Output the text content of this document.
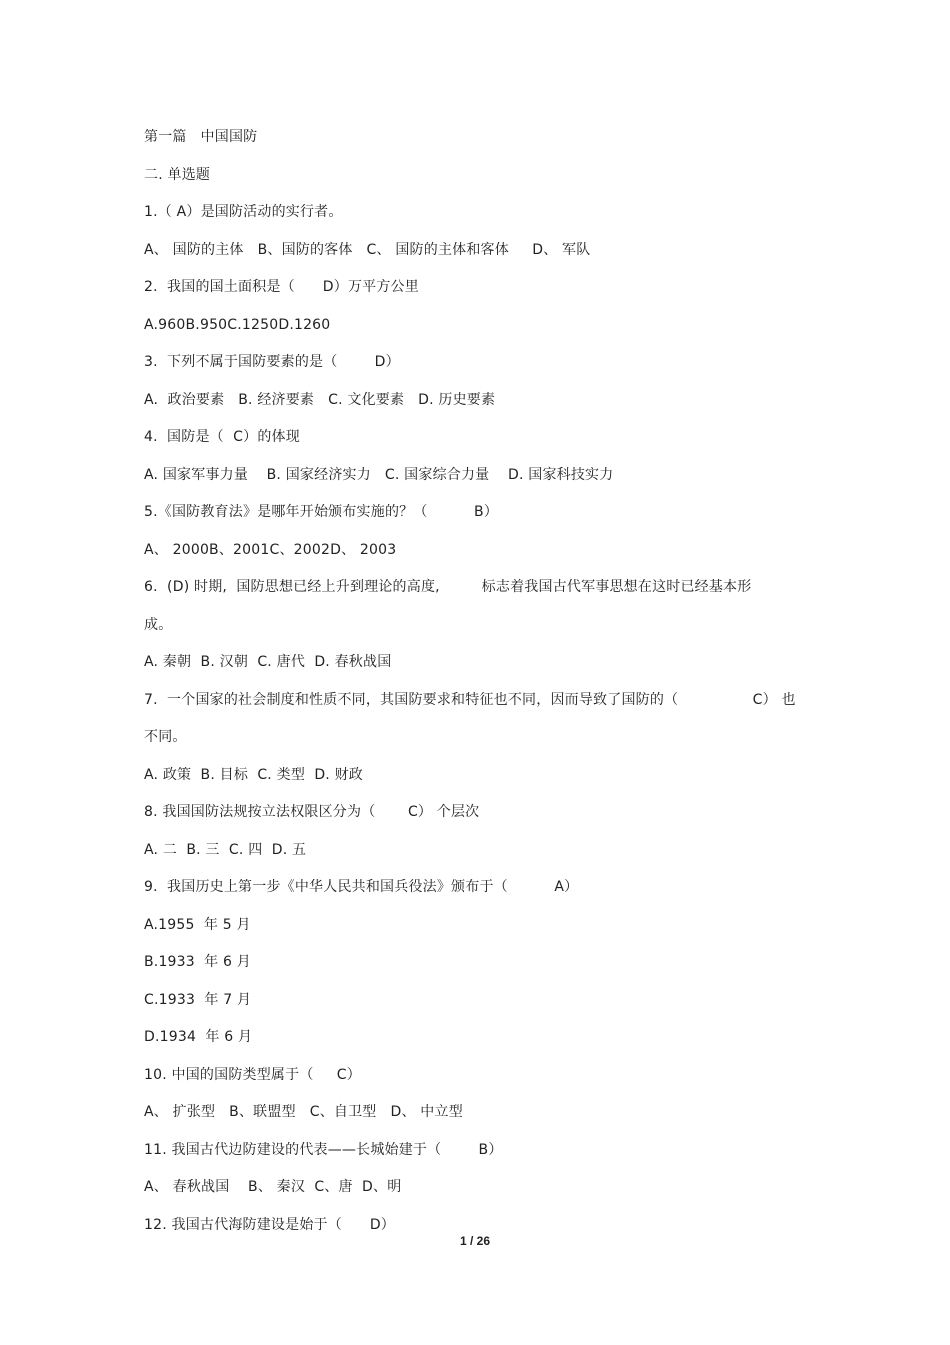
第一篇   中国国防
二. 单选题
1.（ A）是国防活动的实行者。
A、 国防的主体   B、国防的客体   C、 国防的主体和客体     D、 军队
2.  我国的国土面积是（      D）万平方公里
A.960B.950C.1250D.1260
3.  下列不属于国防要素的是（        D）
A.  政治要素   B. 经济要素   C. 文化要素   D. 历史要素
4.  国防是（  C）的体现
A. 国家军事力量    B. 国家经济实力   C. 国家综合力量    D. 国家科技实力
5.《国防教育法》是哪年开始颁布实施的？（          B）
A、 2000B、2001C、2002D、 2003
6.  (D) 时期,  国防思想已经上升到理论的高度,         标志着我国古代军事思想在这时已经基本形
成。
A. 秦朝  B. 汉朝  C. 唐代  D. 春秋战国
7.  一个国家的社会制度和性质不同，其国防要求和特征也不同，因而导致了国防的（                C） 也
不同。
A. 政策  B. 目标  C. 类型  D. 财政
8. 我国国防法规按立法权限区分为（       C） 个层次
A. 二  B. 三  C. 四  D. 五
9.  我国历史上第一步《中华人民共和国兵役法》颁布于（          A）
A.1955  年 5 月
B.1933  年 6 月
C.1933  年 7 月
D.1934  年 6 月
10. 中国的国防类型属于（     C）
A、 扩张型   B、联盟型   C、自卫型   D、 中立型
11. 我国古代边防建设的代表——长城始建于（        B）
A、 春秋战国    B、 秦汉  C、唐  D、明
12. 我国古代海防建设是始于（      D）
1 / 26
